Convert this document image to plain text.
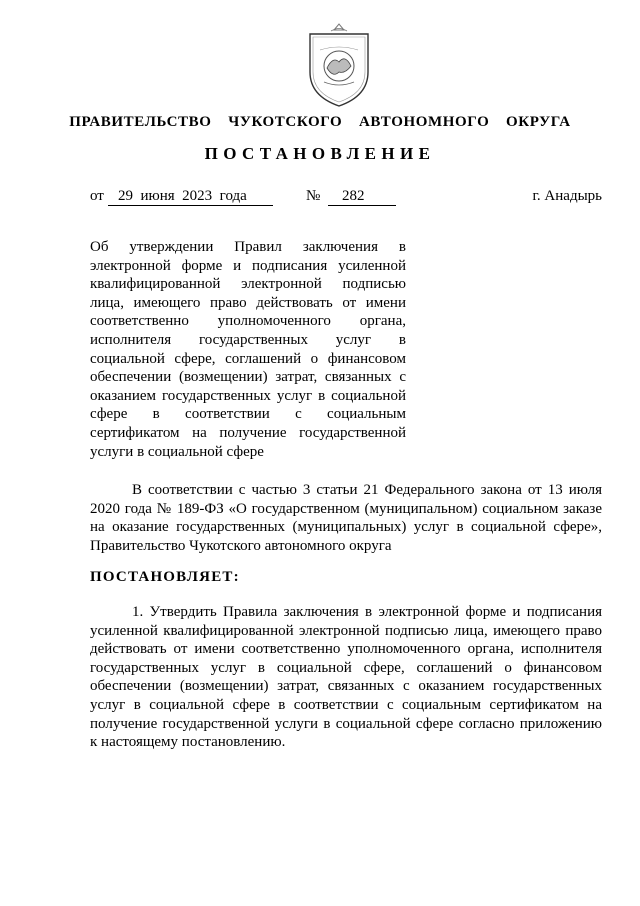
ПРАВИТЕЛЬСТВО  ЧУКОТСКОГО  АВТОНОМНОГО  ОКРУГА
ПОСТАНОВЛЕНИЕ
от 29  июня  2023  года	№	282	г. Анадырь
Об утверждении Правил заключения в электронной форме и подписания усиленной квалифицированной электронной подписью лица, имеющего право действовать от имени соответственно уполномоченного органа, исполнителя государственных услуг в социальной сфере, соглашений о финансовом обеспечении (возмещении) затрат, связанных с оказанием государственных услуг в социальной сфере в соответствии с социальным сертификатом на получение государственной услуги в социальной сфере
В соответствии с частью 3 статьи 21 Федерального закона от 13 июля 2020 года № 189-ФЗ «О государственном (муниципальном) социальном заказе на оказание государственных (муниципальных) услуг в социальной сфере», Правительство Чукотского автономного округа
ПОСТАНОВЛЯЕТ:
1. Утвердить Правила заключения в электронной форме и подписания усиленной квалифицированной электронной подписью лица, имеющего право действовать от имени соответственно уполномоченного органа, исполнителя государственных услуг в социальной сфере, соглашений о финансовом обеспечении (возмещении) затрат, связанных с оказанием государственных услуг в социальной сфере в соответствии с социальным сертификатом на получение государственной услуги в социальной сфере согласно приложению к настоящему постановлению.
